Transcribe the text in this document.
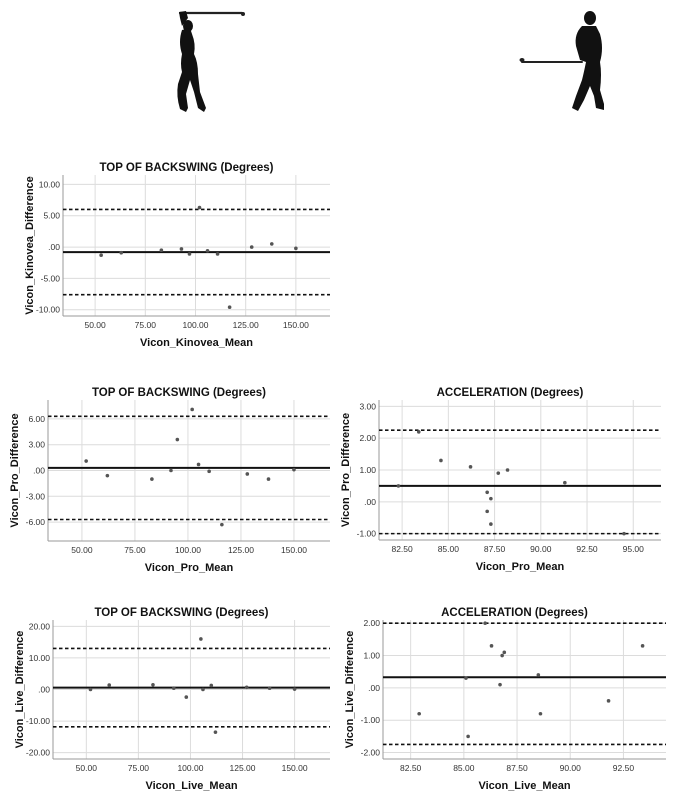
50.00	75.00	100.00	125.00	150.00
10.00
5.00
.00
-5.00
-10.00
TOP OF BACKSWING (Degrees)
Vicon_Kinovea_Mean
Vicon_Kinovea_Difference
50.00	75.00	100.00	125.00	150.00
6.00
3.00
.00
-3.00
-6.00
TOP OF BACKSWING (Degrees)
Vicon_Pro_Mean
Vicon_Pro_Difference
82.50	85.00	87.50	90.00	92.50	95.00
3.00
2.00
1.00
.00
-1.00
ACCELERATION (Degrees)
Vicon_Pro_Mean
Vicon_Pro_Difference
50.00	75.00	100.00	125.00	150.00
20.00
10.00
.00
-10.00
-20.00
TOP OF BACKSWING (Degrees)
Vicon_Live_Mean
Vicon_Live_Difference
82.50	85.00	87.50	90.00	92.50
2.00
1.00
.00
-1.00
-2.00
ACCELERATION (Degrees)
Vicon_Live_Mean
Vicon_Live_Difference
